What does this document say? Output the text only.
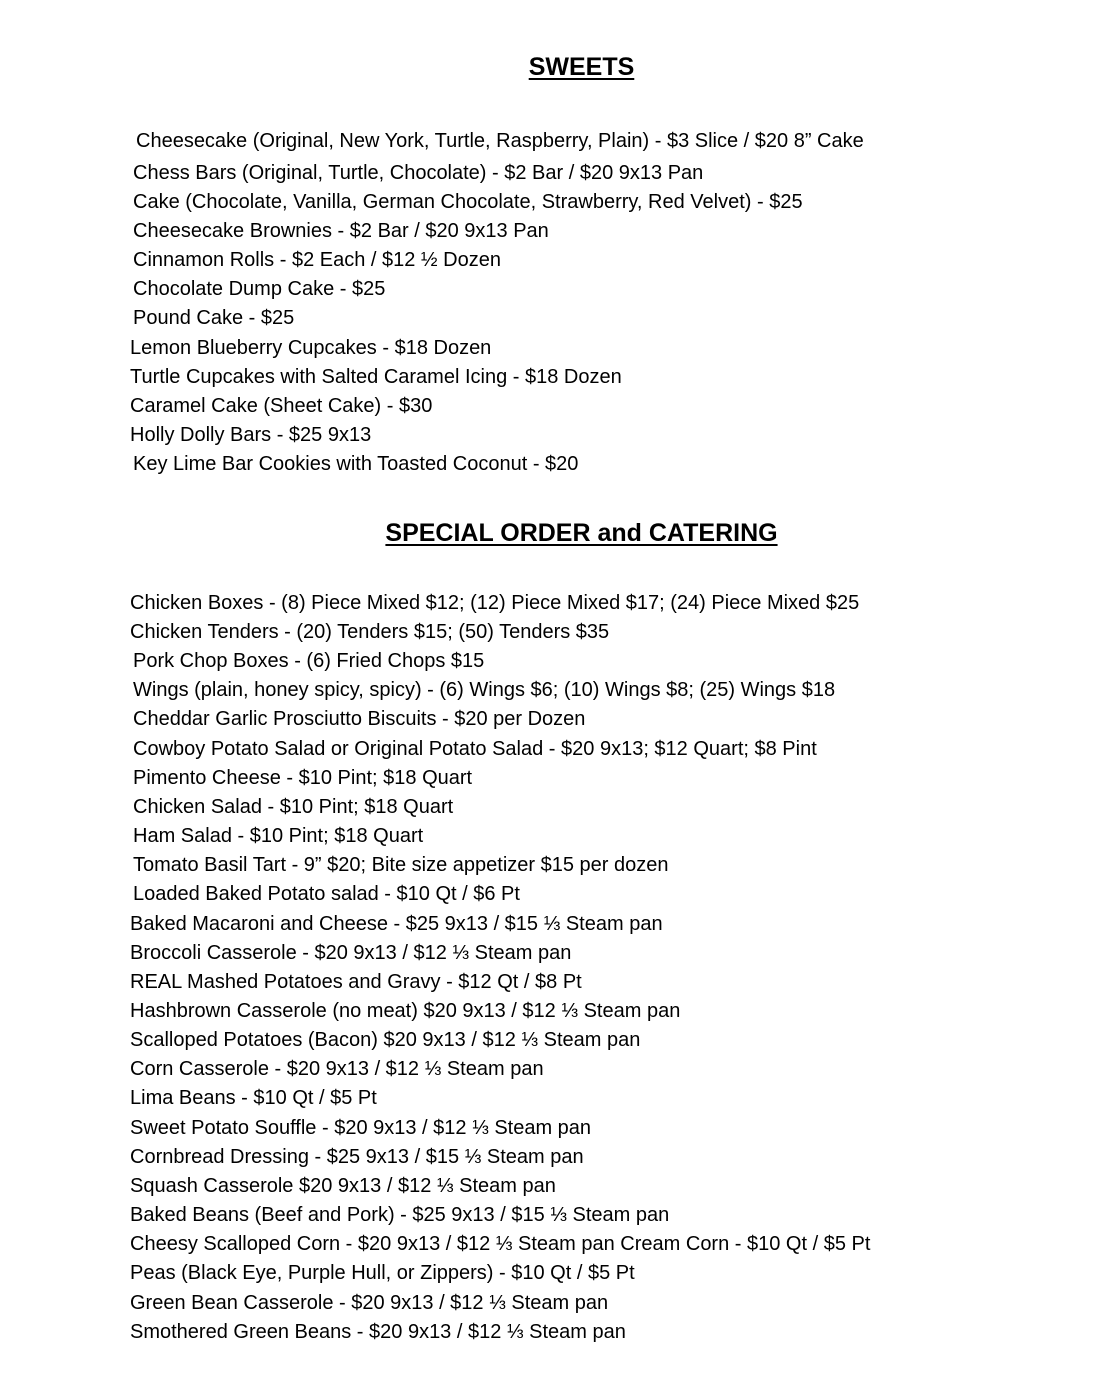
SWEETS
Cheesecake (Original, New York, Turtle, Raspberry, Plain) - $3 Slice / $20 8” Cake
Chess Bars (Original, Turtle, Chocolate) - $2 Bar / $20 9x13 Pan
Cake (Chocolate, Vanilla, German Chocolate, Strawberry, Red Velvet) - $25
Cheesecake Brownies - $2 Bar / $20 9x13 Pan
Cinnamon Rolls - $2 Each / $12 ½ Dozen
Chocolate Dump Cake - $25
Pound Cake - $25
Lemon Blueberry Cupcakes - $18 Dozen
Turtle Cupcakes with Salted Caramel Icing - $18 Dozen
Caramel Cake (Sheet Cake) - $30
Holly Dolly Bars - $25 9x13
Key Lime Bar Cookies with Toasted Coconut - $20
SPECIAL ORDER and CATERING
Chicken Boxes - (8) Piece Mixed $12; (12) Piece Mixed $17; (24) Piece Mixed $25
Chicken Tenders - (20) Tenders $15; (50) Tenders $35
Pork Chop Boxes - (6) Fried Chops $15
Wings (plain, honey spicy, spicy) - (6) Wings $6; (10) Wings $8; (25) Wings $18
Cheddar Garlic Prosciutto Biscuits - $20 per Dozen
Cowboy Potato Salad or Original Potato Salad - $20 9x13; $12 Quart; $8 Pint
Pimento Cheese - $10 Pint; $18 Quart
Chicken Salad - $10 Pint; $18 Quart
Ham Salad - $10 Pint; $18 Quart
Tomato Basil Tart - 9” $20; Bite size appetizer $15 per dozen
Loaded Baked Potato salad - $10 Qt / $6 Pt
Baked Macaroni and Cheese - $25 9x13 / $15 ⅓ Steam pan
Broccoli Casserole - $20 9x13 / $12 ⅓ Steam pan
REAL Mashed Potatoes and Gravy - $12 Qt / $8 Pt
Hashbrown Casserole (no meat) $20 9x13 / $12 ⅓ Steam pan
Scalloped Potatoes (Bacon) $20 9x13 / $12 ⅓ Steam pan
Corn Casserole - $20 9x13 / $12 ⅓ Steam pan
Lima Beans - $10 Qt / $5 Pt
Sweet Potato Souffle - $20 9x13 / $12 ⅓ Steam pan
Cornbread Dressing - $25 9x13 / $15 ⅓ Steam pan
Squash Casserole $20 9x13 / $12 ⅓ Steam pan
Baked Beans (Beef and Pork) - $25 9x13 / $15 ⅓ Steam pan
Cheesy Scalloped Corn - $20 9x13 / $12 ⅓ Steam pan Cream Corn - $10 Qt / $5 Pt
Peas (Black Eye, Purple Hull, or Zippers) - $10 Qt / $5 Pt
Green Bean Casserole - $20 9x13 / $12 ⅓ Steam pan
Smothered Green Beans - $20 9x13 / $12 ⅓ Steam pan
